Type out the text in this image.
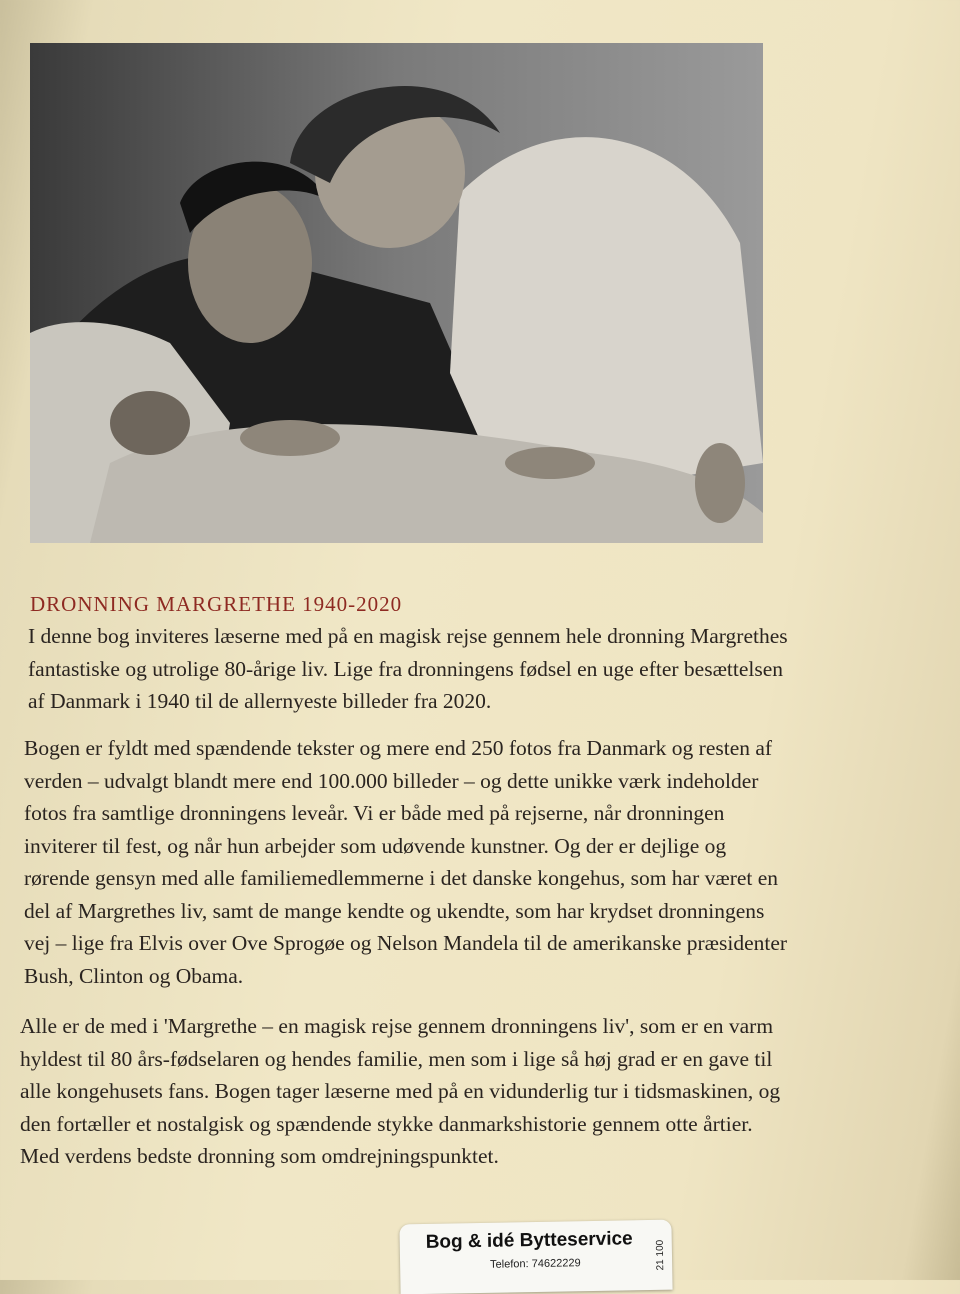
DRONNING MARGRETHE 1940-2020

I denne bog inviteres læserne med på en magisk rejse gennem hele dronning Margrethes fantastiske og utrolige 80-årige liv. Lige fra dronningens fødsel en uge efter besættelsen af Danmark i 1940 til de allernyeste billeder fra 2020.

Bogen er fyldt med spændende tekster og mere end 250 fotos fra Danmark og resten af verden – udvalgt blandt mere end 100.000 billeder – og dette unikke værk indeholder fotos fra samtlige dronningens leveår. Vi er både med på rejserne, når dronningen inviterer til fest, og når hun arbejder som udøvende kunstner. Og der er dejlige og rørende gensyn med alle familiemedlemmerne i det danske kongehus, som har været en del af Margrethes liv, samt de mange kendte og ukendte, som har krydset dronningens vej – lige fra Elvis over Ove Sprogøe og Nelson Mandela til de amerikanske præsidenter Bush, Clinton og Obama.

Alle er de med i 'Margrethe – en magisk rejse gennem dronningens liv', som er en varm hyldest til 80 års-fødselaren og hendes familie, men som i lige så høj grad er en gave til alle kongehusets fans. Bogen tager læserne med på en vidunderlig tur i tidsmaskinen, og den fortæller et nostalgisk og spændende stykke danmarkshistorie gennem otte årtier. Med verdens bedste dronning som omdrejningspunktet.

Bog & idé Bytteservice
Telefon: 74622229	21 100
